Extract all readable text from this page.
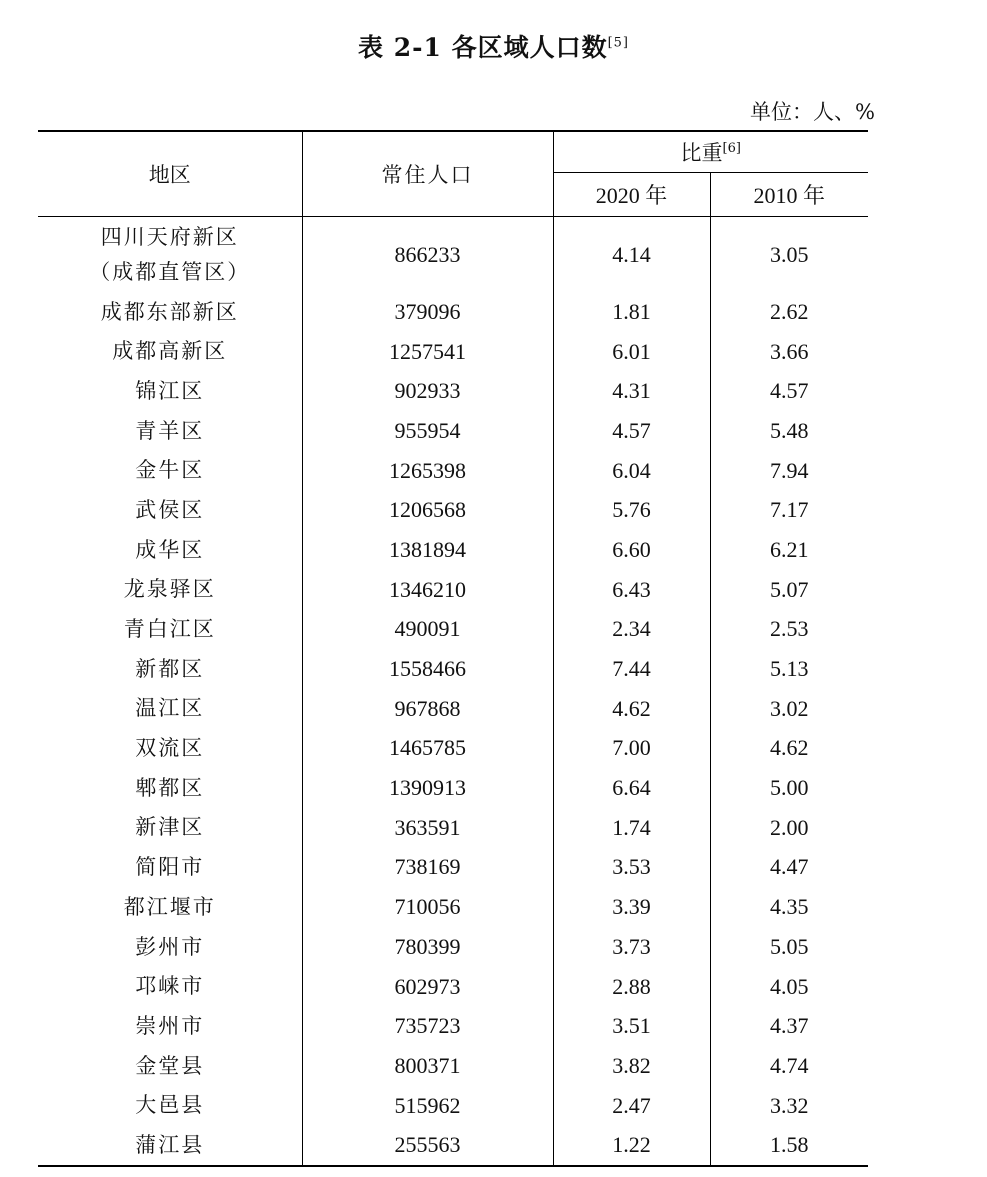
表 2-1 各区域人口数[5]
单位：人、%
地区	常住人口	比重[6]
		2020 年	2010 年

四川天府新区
（成都直管区）	866233	4.14	3.05
成都东部新区	379096	1.81	2.62
成都高新区	1257541	6.01	3.66
锦江区	902933	4.31	4.57
青羊区	955954	4.57	5.48
金牛区	1265398	6.04	7.94
武侯区	1206568	5.76	7.17
成华区	1381894	6.60	6.21
龙泉驿区	1346210	6.43	5.07
青白江区	490091	2.34	2.53
新都区	1558466	7.44	5.13
温江区	967868	4.62	3.02
双流区	1465785	7.00	4.62
郫都区	1390913	6.64	5.00
新津区	363591	1.74	2.00
简阳市	738169	3.53	4.47
都江堰市	710056	3.39	4.35
彭州市	780399	3.73	5.05
邛崃市	602973	2.88	4.05
崇州市	735723	3.51	4.37
金堂县	800371	3.82	4.74
大邑县	515962	2.47	3.32
蒲江县	255563	1.22	1.58
